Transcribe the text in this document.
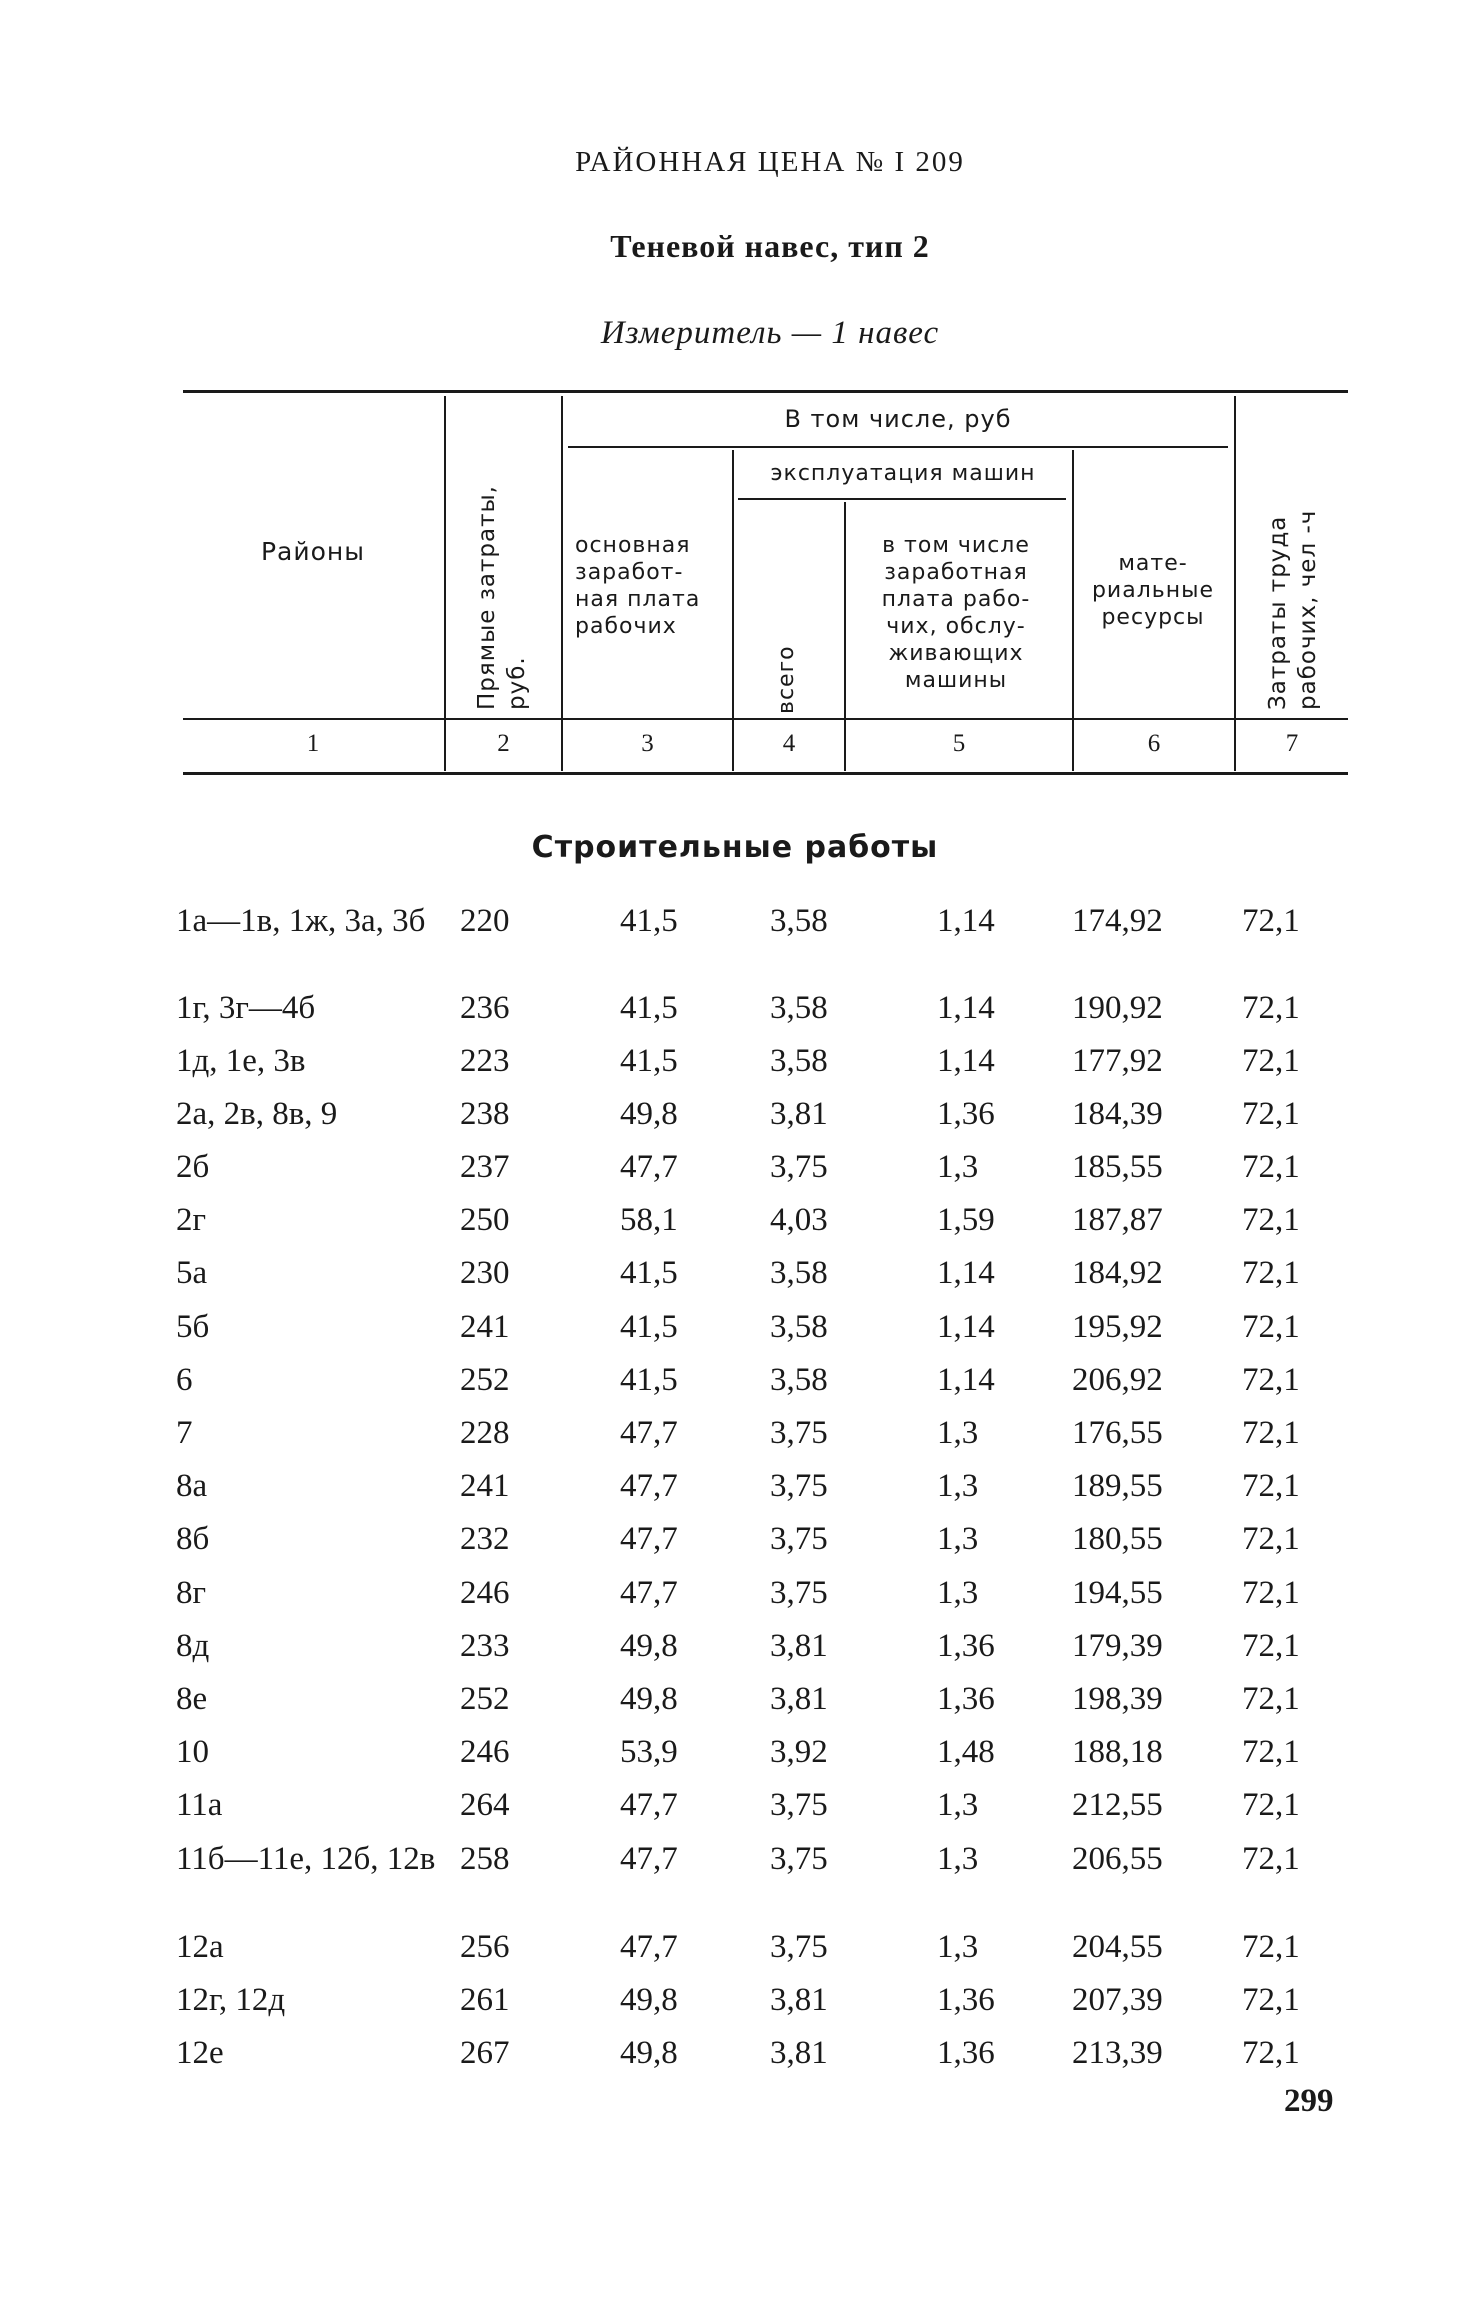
РАЙОННАЯ ЦЕНА № I 209
Теневой навес, тип 2
Измеритель — 1 навес
Районы	Прямые затраты, руб.
В том числе, руб
основная заработ-ная плата рабочих
эксплуатация машин
всего
в том числе заработная плата рабо-чих, обслу-живающих машины
мате-риальные ресурсы	Затраты труда рабочих, чел -ч
1	2	3	4	5	6	7
Строительные работы
1а—1в, 1ж, 3а, 3б	220	41,5	3,58	1,14 174,92 72,1
1г, 3г—4б	236	41,5	3,58	1,14 190,92 72,1
1д, 1е, 3в	223	41,5	3,58	1,14 177,92 72,1
2а, 2в, 8в, 9	238	49,8	3,81	1,36 184,39 72,1
2б	237	47,7	3,75	1,3	185,55 72,1
2г	250	58,1	4,03	1,59 187,87 72,1
5а	230	41,5	3,58	1,14 184,92 72,1
5б	241	41,5	3,58	1,14 195,92 72,1
6	252	41,5	3,58	1,14 206,92 72,1
7	228	47,7	3,75	1,3	176,55 72,1
8а	241	47,7	3,75	1,3	189,55 72,1
8б	232	47,7	3,75	1,3	180,55 72,1
8г	246	47,7	3,75	1,3	194,55 72,1
8д	233	49,8	3,81	1,36 179,39 72,1
8е	252	49,8	3,81	1,36 198,39 72,1
10	246	53,9	3,92	1,48 188,18 72,1
11а	264	47,7	3,75	1,3	212,55 72,1
11б—11е, 12б, 12в 258	47,7	3,75	1,3	206,55 72,1
12а	256	47,7	3,75	1,3	204,55 72,1
12г, 12д	261	49,8	3,81	1,36 207,39 72,1
12е	267	49,8	3,81	1,36 213,39 72,1
299
